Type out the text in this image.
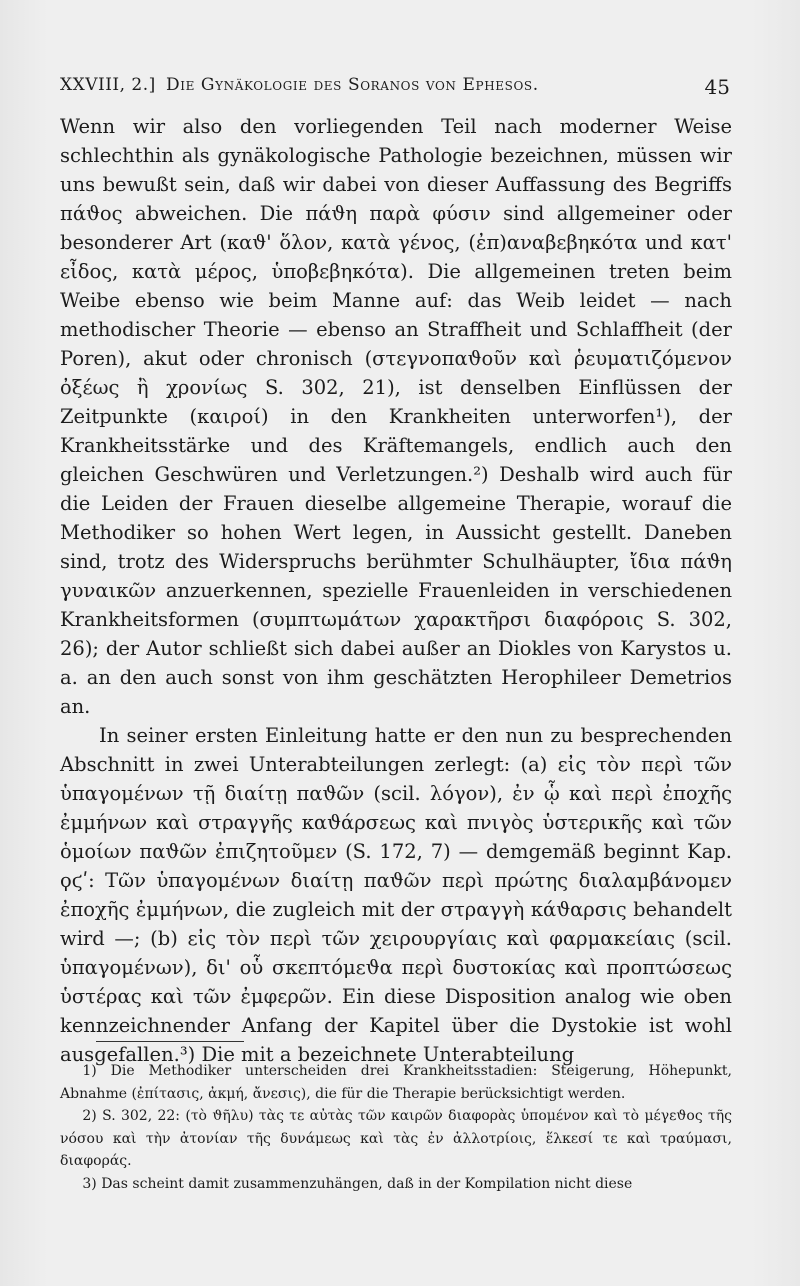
XXVIII, 2.] Die Gynäkologie des Soranos von Ephesos.	45

Wenn wir also den vorliegenden Teil nach moderner Weise schlechthin als gynäkologische Pathologie bezeichnen, müssen wir uns bewußt sein, daß wir dabei von dieser Auffassung des Begriffs πάϑος abweichen. Die πάϑη παρὰ φύσιν sind allgemeiner oder besonderer Art (καϑ' ὅλον, κατὰ γένος, (ἐπ)αναβεβηκότα und κατ' εἶδος, κατὰ μέρος, ὑποβεβηκότα). Die allgemeinen treten beim Weibe ebenso wie beim Manne auf: das Weib leidet — nach methodischer Theorie — ebenso an Straffheit und Schlaffheit (der Poren), akut oder chronisch (στεγνοπαϑοῦν καὶ ῥευματιζόμενον ὀξέως ἢ χρονίως S. 302, 21), ist denselben Einflüssen der Zeitpunkte (καιροί) in den Krankheiten unterworfen¹), der Krankheitsstärke und des Kräftemangels, endlich auch den gleichen Geschwüren und Verletzungen.²) Deshalb wird auch für die Leiden der Frauen dieselbe allgemeine Therapie, worauf die Methodiker so hohen Wert legen, in Aussicht gestellt. Daneben sind, trotz des Widerspruchs berühmter Schulhäupter, ἴδια πάϑη γυναικῶν anzuerkennen, spezielle Frauenleiden in verschiedenen Krankheitsformen (συμπτωμάτων χαρακτῆρσι διαφόροις S. 302, 26); der Autor schließt sich dabei außer an Diokles von Karystos u. a. an den auch sonst von ihm geschätzten Herophileer Demetrios an.

In seiner ersten Einleitung hatte er den nun zu besprechenden Abschnitt in zwei Unterabteilungen zerlegt: (a) εἰς τὸν περὶ τῶν ὑπαγομένων τῇ διαίτῃ παϑῶν (scil. λόγον), ἐν ᾧ καὶ περὶ ἐποχῆς ἐμμήνων καὶ στραγγῆς καϑάρσεως καὶ πνιγὸς ὑστερικῆς καὶ τῶν ὁμοίων παϑῶν ἐπιζητοῦμεν (S. 172, 7) — demgemäß beginnt Kap. ϙϛʹ: Τῶν ὑπαγομένων διαίτῃ παϑῶν περὶ πρώτης διαλαμβάνομεν ἐποχῆς ἐμμήνων, die zugleich mit der στραγγὴ κάϑαρσις behandelt wird —; (b) εἰς τὸν περὶ τῶν χειρουργίαις καὶ φαρμακείαις (scil. ὑπαγομένων), δι' οὗ σκεπτόμεϑα περὶ δυστοκίας καὶ προπτώσεως ὑστέρας καὶ τῶν ἐμφερῶν. Ein diese Disposition analog wie oben kennzeichnender Anfang der Kapitel über die Dystokie ist wohl ausgefallen.³) Die mit a bezeichnete Unterabteilung

1) Die Methodiker unterscheiden drei Krankheitsstadien: Steigerung, Höhepunkt, Abnahme (ἐπίτασις, ἀκμή, ἄνεσις), die für die Therapie berücksichtigt werden.

2) S. 302, 22: (τὸ ϑῆλυ) τὰς τε αὐτὰς τῶν καιρῶν διαφορὰς ὑπομένον καὶ τὸ μέγεϑος τῆς νόσου καὶ τὴν ἀτονίαν τῆς δυνάμεως καὶ τὰς ἐν ἀλλοτρίοις, ἕλκεσί τε καὶ τραύμασι, διαφοράς.

3) Das scheint damit zusammenzuhängen, daß in der Kompilation nicht diese
